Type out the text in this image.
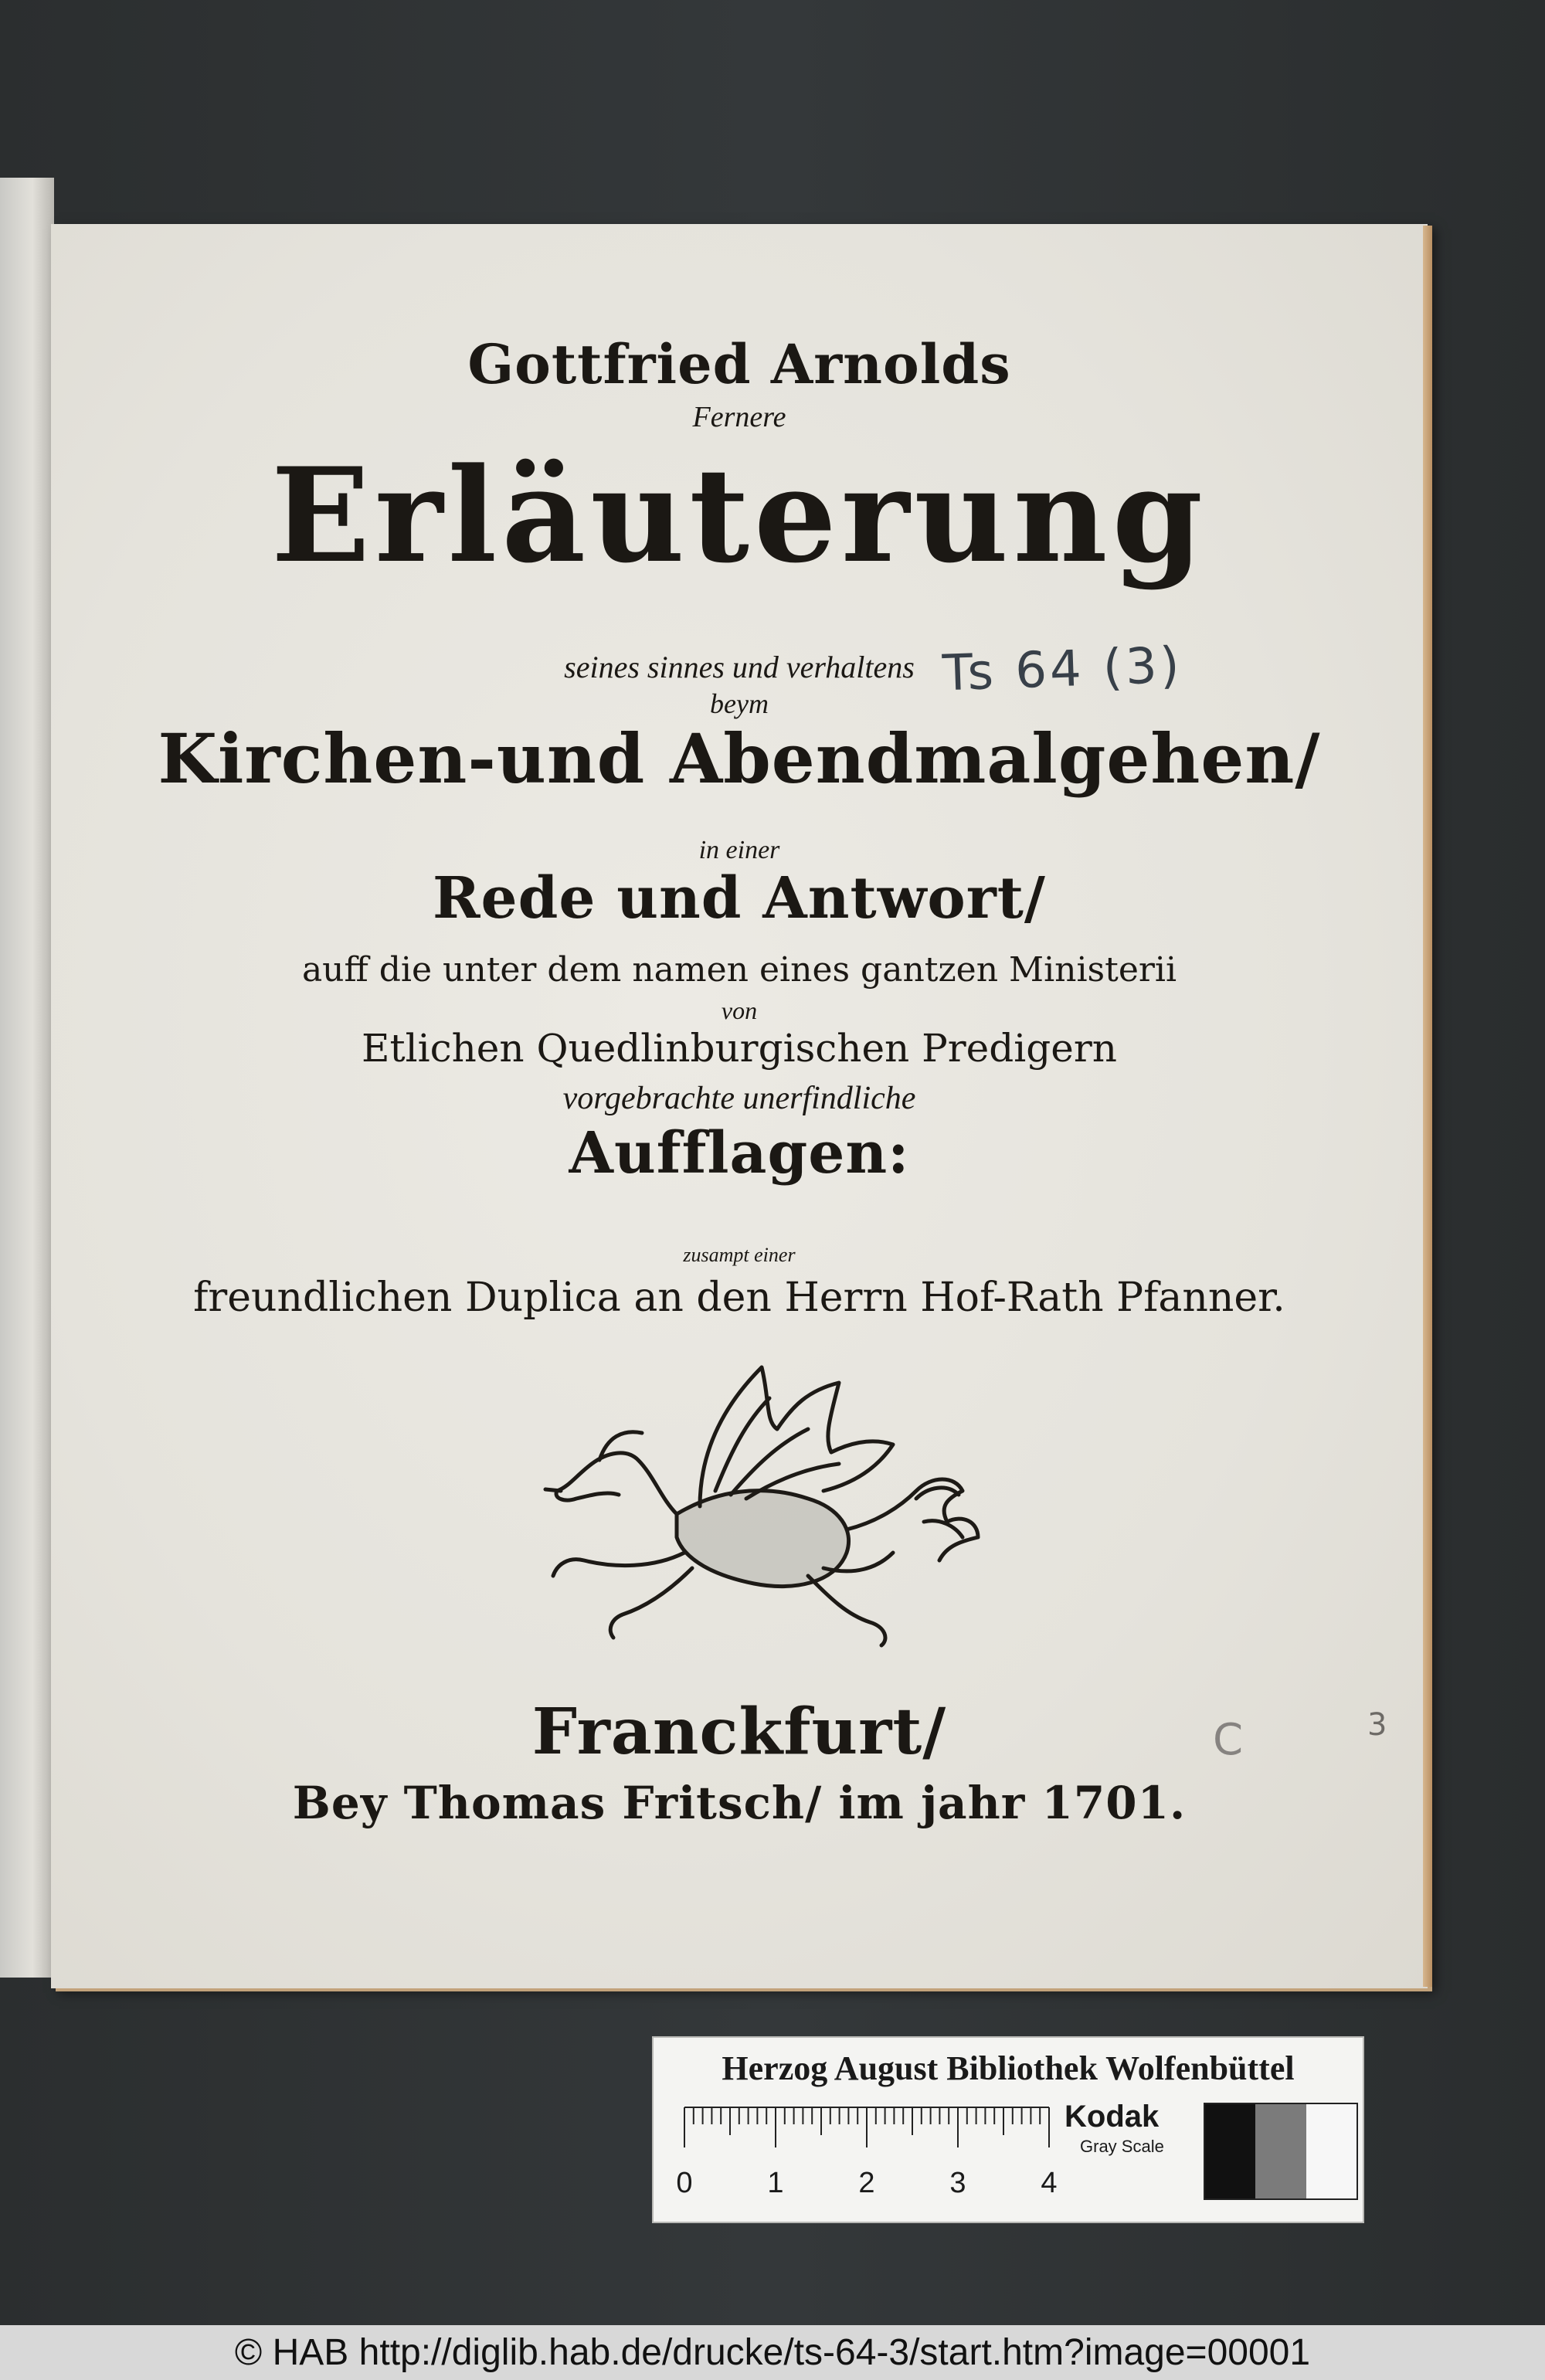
Gottfried Arnolds

Fernere

Erläuterung

seines sinnes und verhaltens

beym

Kirchen-und Abendmalgehen/

in einer

Rede und Antwort/

auff die unter dem namen eines gantzen Ministerii

von

Etlichen Quedlinburgischen Predigern

vorgebrachte unerfindliche

Aufflagen:

zusampt einer

freundlichen Duplica an den Herrn Hof-Rath Pfanner.

Franckfurt/

Bey Thomas Fritsch/ im jahr 1701.

Ts 64 (3)
3
C

Herzog August Bibliothek Wolfenbüttel

0	1	2	3	4

Kodak

Gray Scale

© HAB http://diglib.hab.de/drucke/ts-64-3/start.htm?image=00001
